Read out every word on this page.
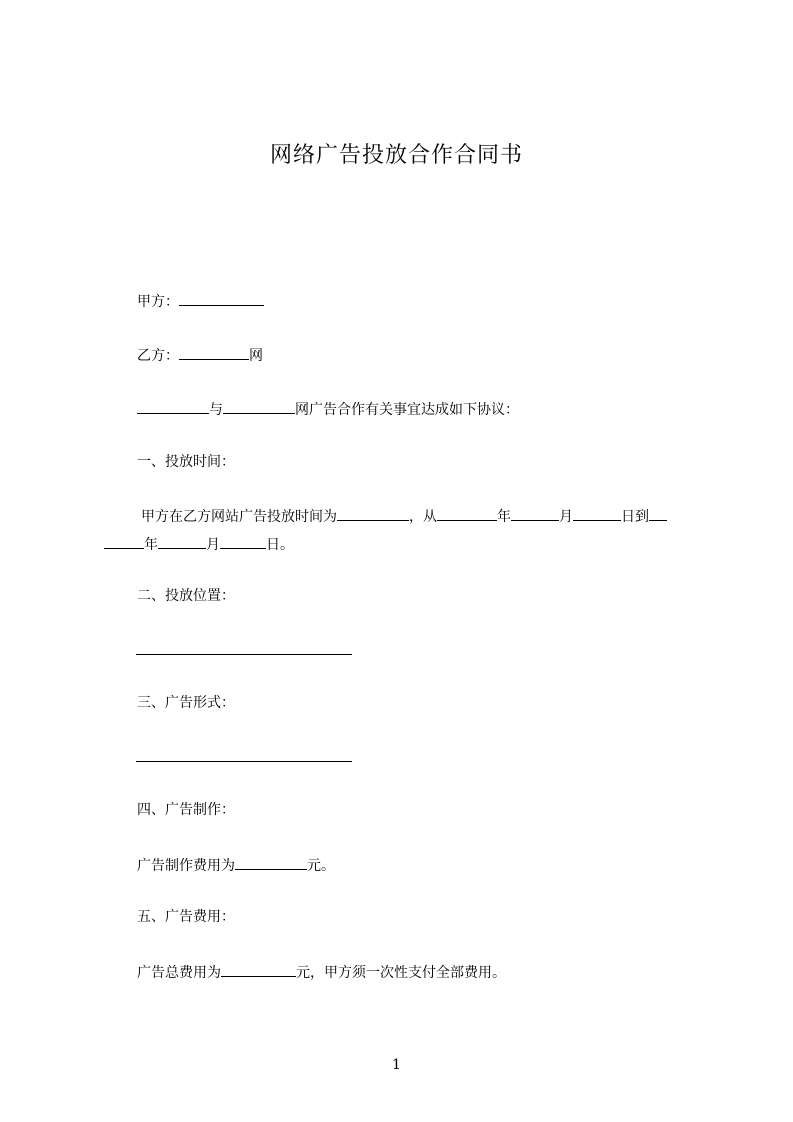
网络广告投放合作合同书
甲方：
乙方：	网
与	网广告合作有关事宜达成如下协议：
一、投放时间：
甲方在乙方网站广告投放时间为	，从	年	月	日到
年	月	日。
二、投放位置：
三、广告形式：
四、广告制作：
广告制作费用为	元。
五、广告费用：
广告总费用为	元，甲方须一次性支付全部费用。
1
